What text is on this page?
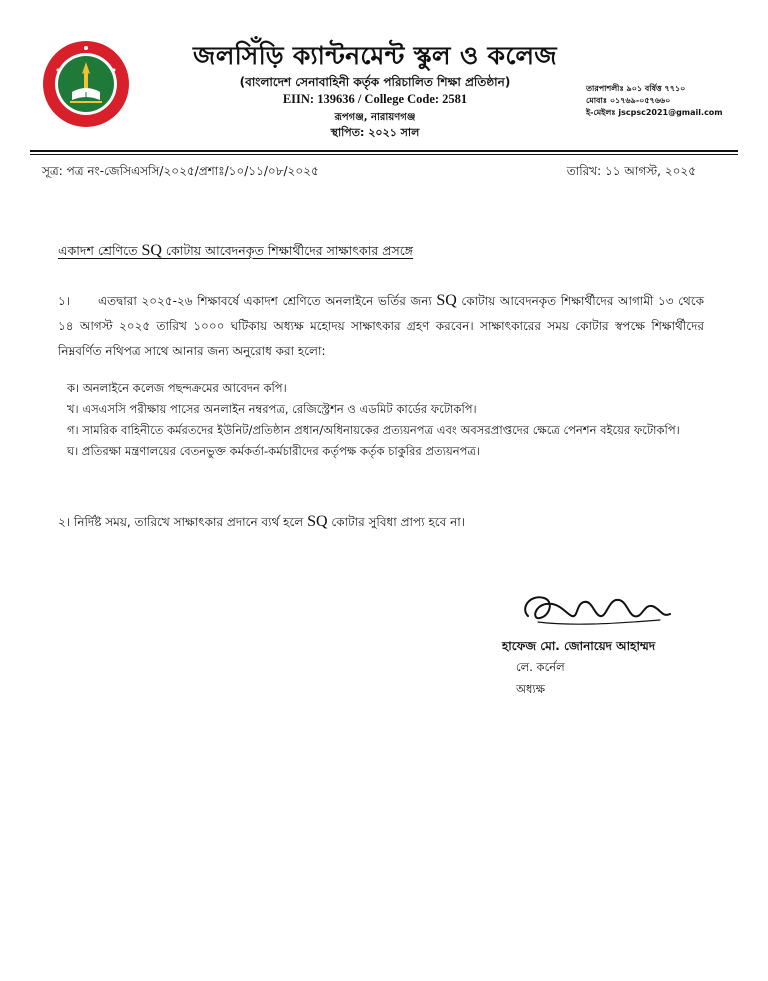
জলসিঁড়ি ক্যান্টনমেন্ট স্কুল ও কলেজ
(বাংলাদেশ সেনাবাহিনী কর্তৃক পরিচালিত শিক্ষা প্রতিষ্ঠান)
EIIN: 139636 / College Code: 2581
রূপগঞ্জ, নারায়ণগঞ্জ
স্থাপিত: ২০২১ সাল
তারপাশলীঃ ৯০১ বর্ষিত্ত ৭৭১০
মোবাঃ ০১৭৬৯-০৫৭৬৬০
ই-মেইলঃ jscpsc2021@gmail.com
সূত্র: পত্র নং-জেসিএসসি/২০২৫/প্রশাঃ/১০/১১/০৮/২০২৫	তারিখ: ১১ আগস্ট, ২০২৫
একাদশ শ্রেণিতে SQ কোটায় আবেদনকৃত শিক্ষার্থীদের সাক্ষাৎকার প্রসঙ্গে
১। এতদ্বারা ২০২৫-২৬ শিক্ষাবর্ষে একাদশ শ্রেণিতে অনলাইনে ভর্তির জন্য SQ কোটায় আবেদনকৃত শিক্ষার্থীদের আগামী ১৩ থেকে ১৪ আগস্ট ২০২৫ তারিখ ১০০০ ঘটিকায় অধ্যক্ষ মহোদয় সাক্ষাৎকার গ্রহণ করবেন। সাক্ষাৎকারের সময় কোটার স্বপক্ষে শিক্ষার্থীদের নিম্নবর্ণিত নথিপত্র সাথে আনার জন্য অনুরোধ করা হলো:
ক। অনলাইনে কলেজ পছন্দক্রমের আবেদন কপি।
খ। এসএসসি পরীক্ষায় পাসের অনলাইন নম্বরপত্র, রেজিস্ট্রেশন ও এডমিট কার্ডের ফটোকপি।
গ। সামরিক বাহিনীতে কর্মরতদের ইউনিট/প্রতিষ্ঠান প্রধান/অধিনায়কের প্রত্যয়নপত্র এবং অবসরপ্রাপ্তদের ক্ষেত্রে পেনশন বইয়ের ফটোকপি।
ঘ। প্রতিরক্ষা মন্ত্রণালয়ের বেতনভুক্ত কর্মকর্তা-কর্মচারীদের কর্তৃপক্ষ কর্তৃক চাকুরির প্রত্যয়নপত্র।
২। নির্দিষ্ট সময়, তারিখে সাক্ষাৎকার প্রদানে ব্যর্থ হলে SQ কোটার সুবিধা প্রাপ্য হবে না।
হাফেজ মো. জোনায়েদ আহাম্মদ
লে. কর্নেল
অধ্যক্ষ
